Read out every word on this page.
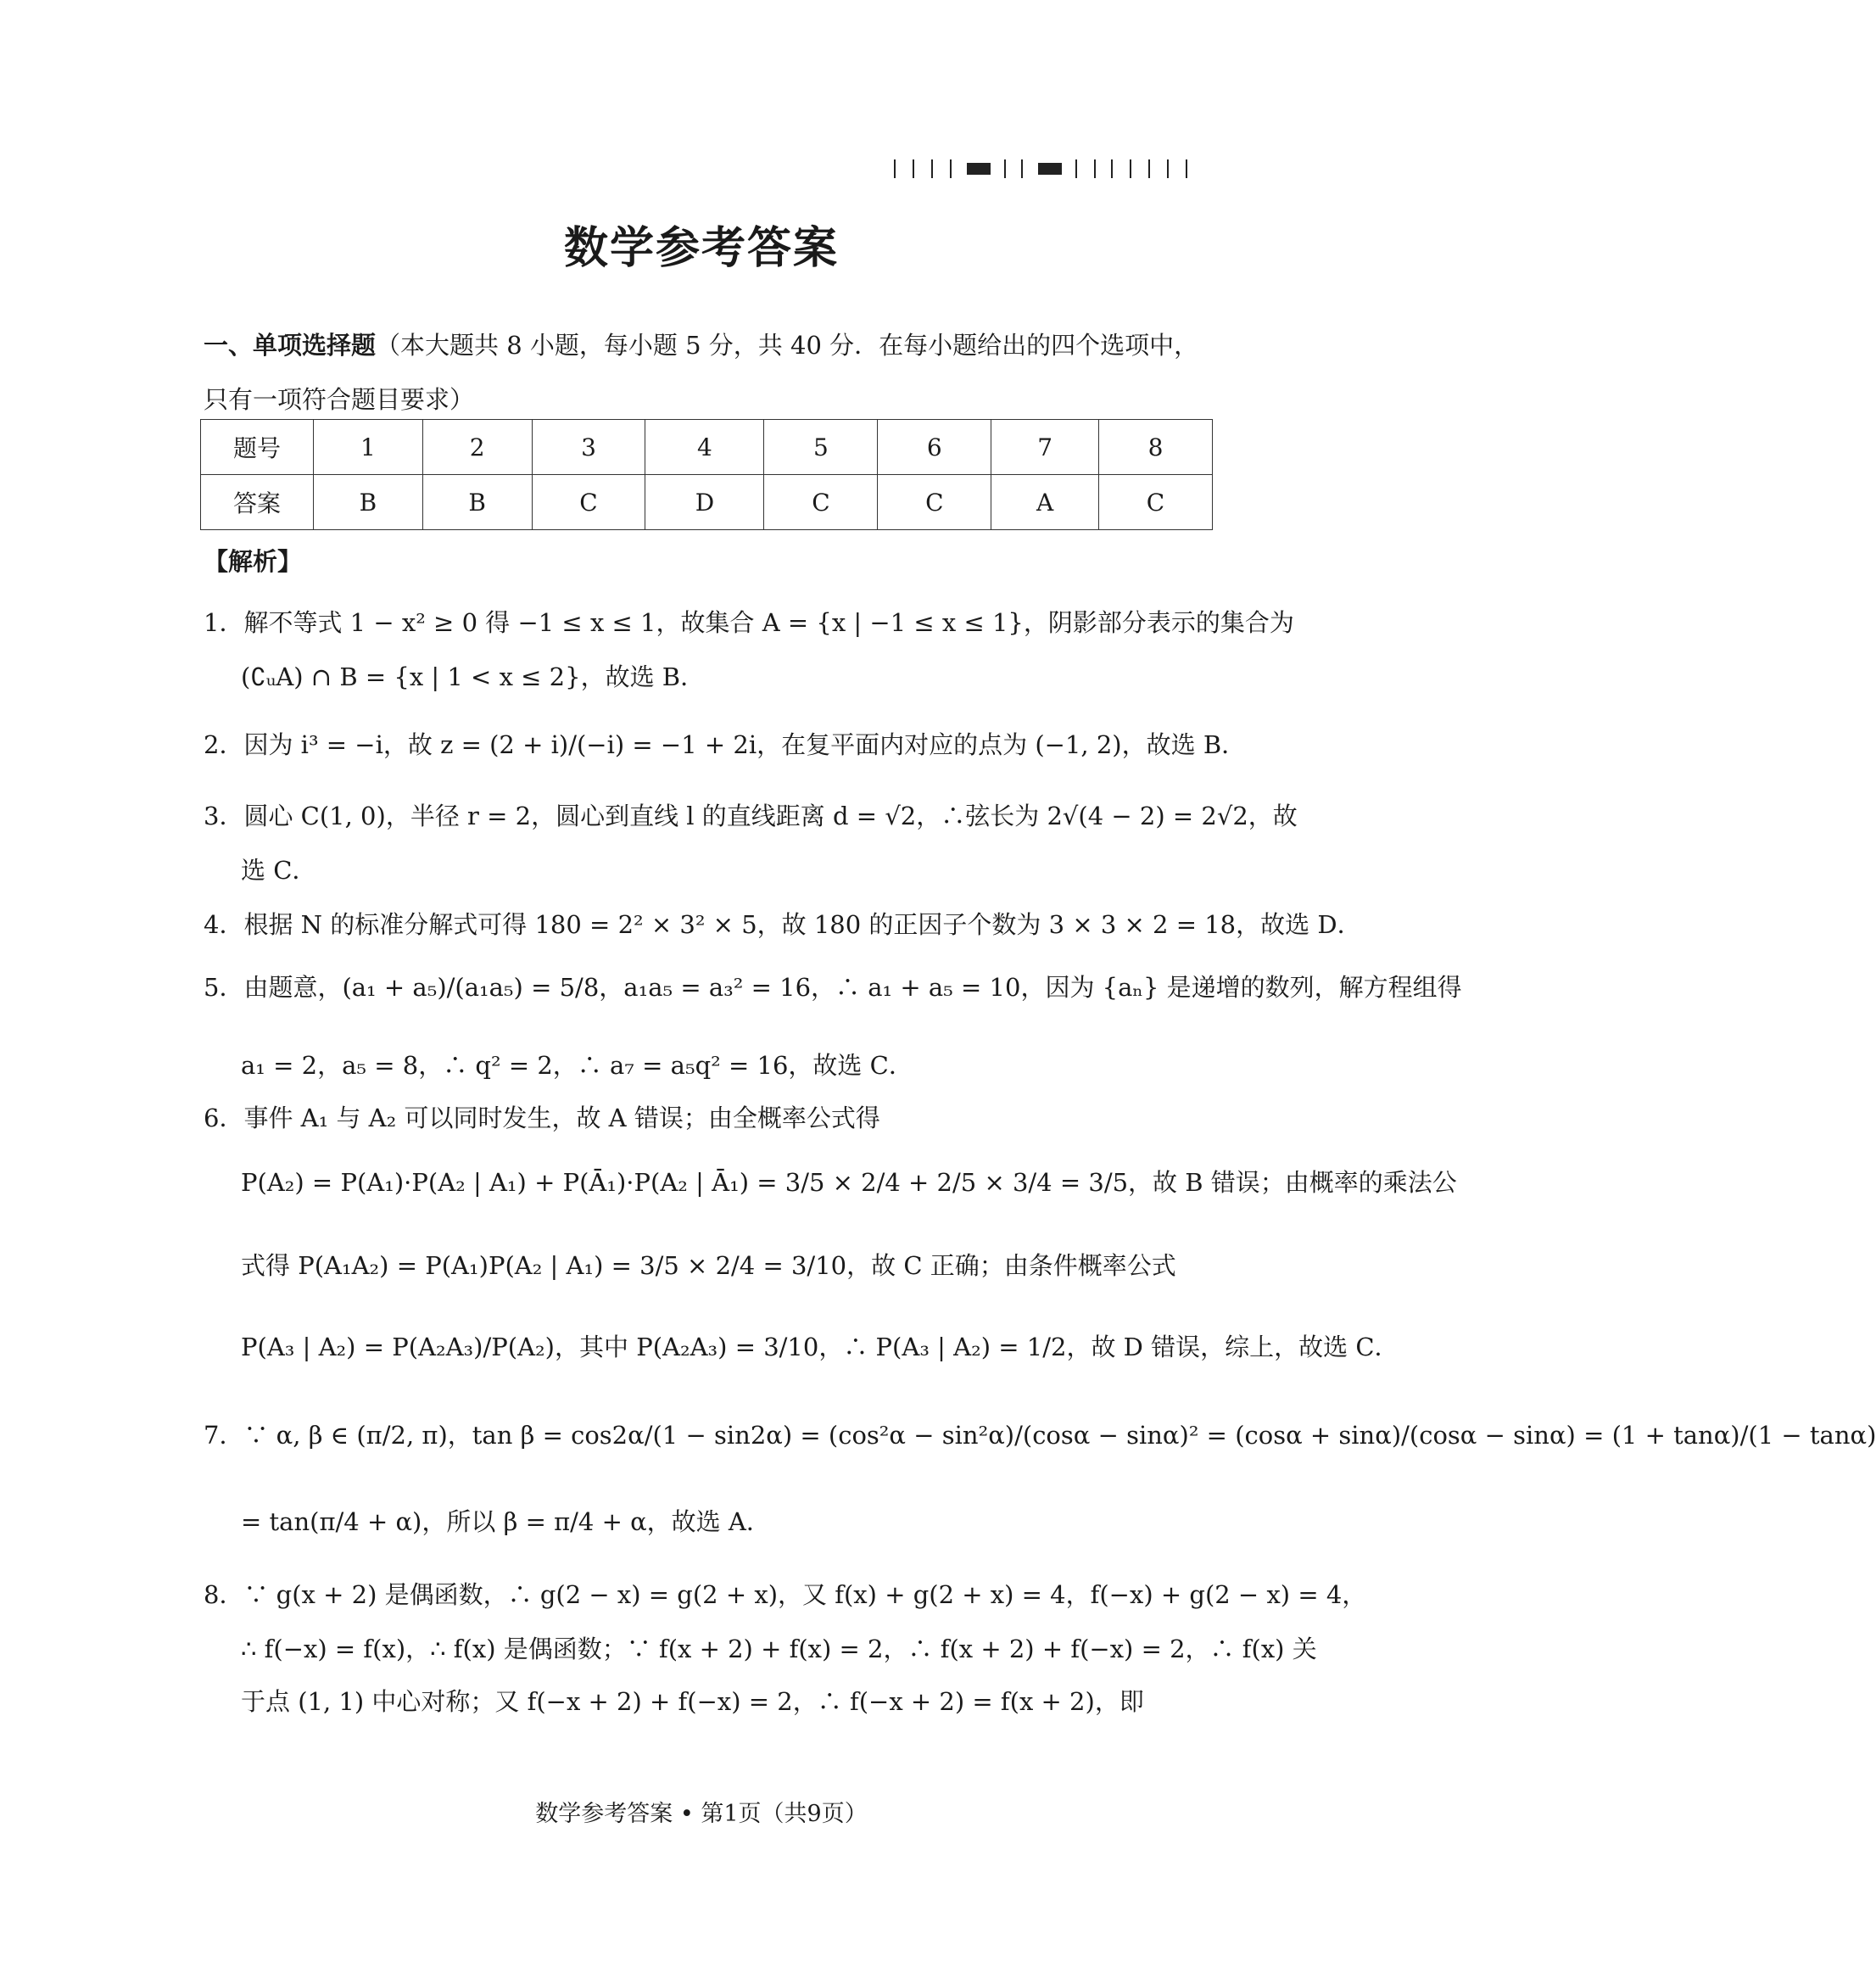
数学参考答案
一、单项选择题（本大题共 8 小题，每小题 5 分，共 40 分．在每小题给出的四个选项中，只有一项符合题目要求）
题号	1	2	3	4	5	6	7	8
答案	B	B	C	D	C	C	A	C
【解析】
1．解不等式 1 − x² ≥ 0 得 −1 ≤ x ≤ 1，故集合 A = {x | −1 ≤ x ≤ 1}，阴影部分表示的集合为
(∁ᵤA) ∩ B = {x | 1 < x ≤ 2}，故选 B．
2．因为 i³ = −i，故 z = (2 + i)/(−i) = −1 + 2i，在复平面内对应的点为 (−1, 2)，故选 B．
3．圆心 C(1, 0)，半径 r = 2，圆心到直线 l 的直线距离 d = √2，∴弦长为 2√(4 − 2) = 2√2，故
选 C．
4．根据 N 的标准分解式可得 180 = 2² × 3² × 5，故 180 的正因子个数为 3 × 3 × 2 = 18，故选 D．
5．由题意，(a₁ + a₅)/(a₁a₅) = 5/8，a₁a₅ = a₃² = 16，∴ a₁ + a₅ = 10，因为 {aₙ} 是递增的数列，解方程组得
a₁ = 2，a₅ = 8，∴ q² = 2，∴ a₇ = a₅q² = 16，故选 C．
6．事件 A₁ 与 A₂ 可以同时发生，故 A 错误；由全概率公式得
P(A₂) = P(A₁)·P(A₂ | A₁) + P(Ā₁)·P(A₂ | Ā₁) = 3/5 × 2/4 + 2/5 × 3/4 = 3/5，故 B 错误；由概率的乘法公
式得 P(A₁A₂) = P(A₁)P(A₂ | A₁) = 3/5 × 2/4 = 3/10，故 C 正确；由条件概率公式
P(A₃ | A₂) = P(A₂A₃)/P(A₂)，其中 P(A₂A₃) = 3/10，∴ P(A₃ | A₂) = 1/2，故 D 错误，综上，故选 C．
7．∵ α, β ∈ (π/2, π)，tan β = cos2α/(1 − sin2α) = (cos²α − sin²α)/(cosα − sinα)² = (cosα + sinα)/(cosα − sinα) = (1 + tanα)/(1 − tanα)
= tan(π/4 + α)，所以 β = π/4 + α，故选 A．
8．∵ g(x + 2) 是偶函数，∴ g(2 − x) = g(2 + x)，又 f(x) + g(2 + x) = 4，f(−x) + g(2 − x) = 4，
∴ f(−x) = f(x)，∴ f(x) 是偶函数；∵ f(x + 2) + f(x) = 2，∴ f(x + 2) + f(−x) = 2，∴ f(x) 关
于点 (1, 1) 中心对称；又 f(−x + 2) + f(−x) = 2，∴ f(−x + 2) = f(x + 2)，即
数学参考答案 • 第1页（共9页）
